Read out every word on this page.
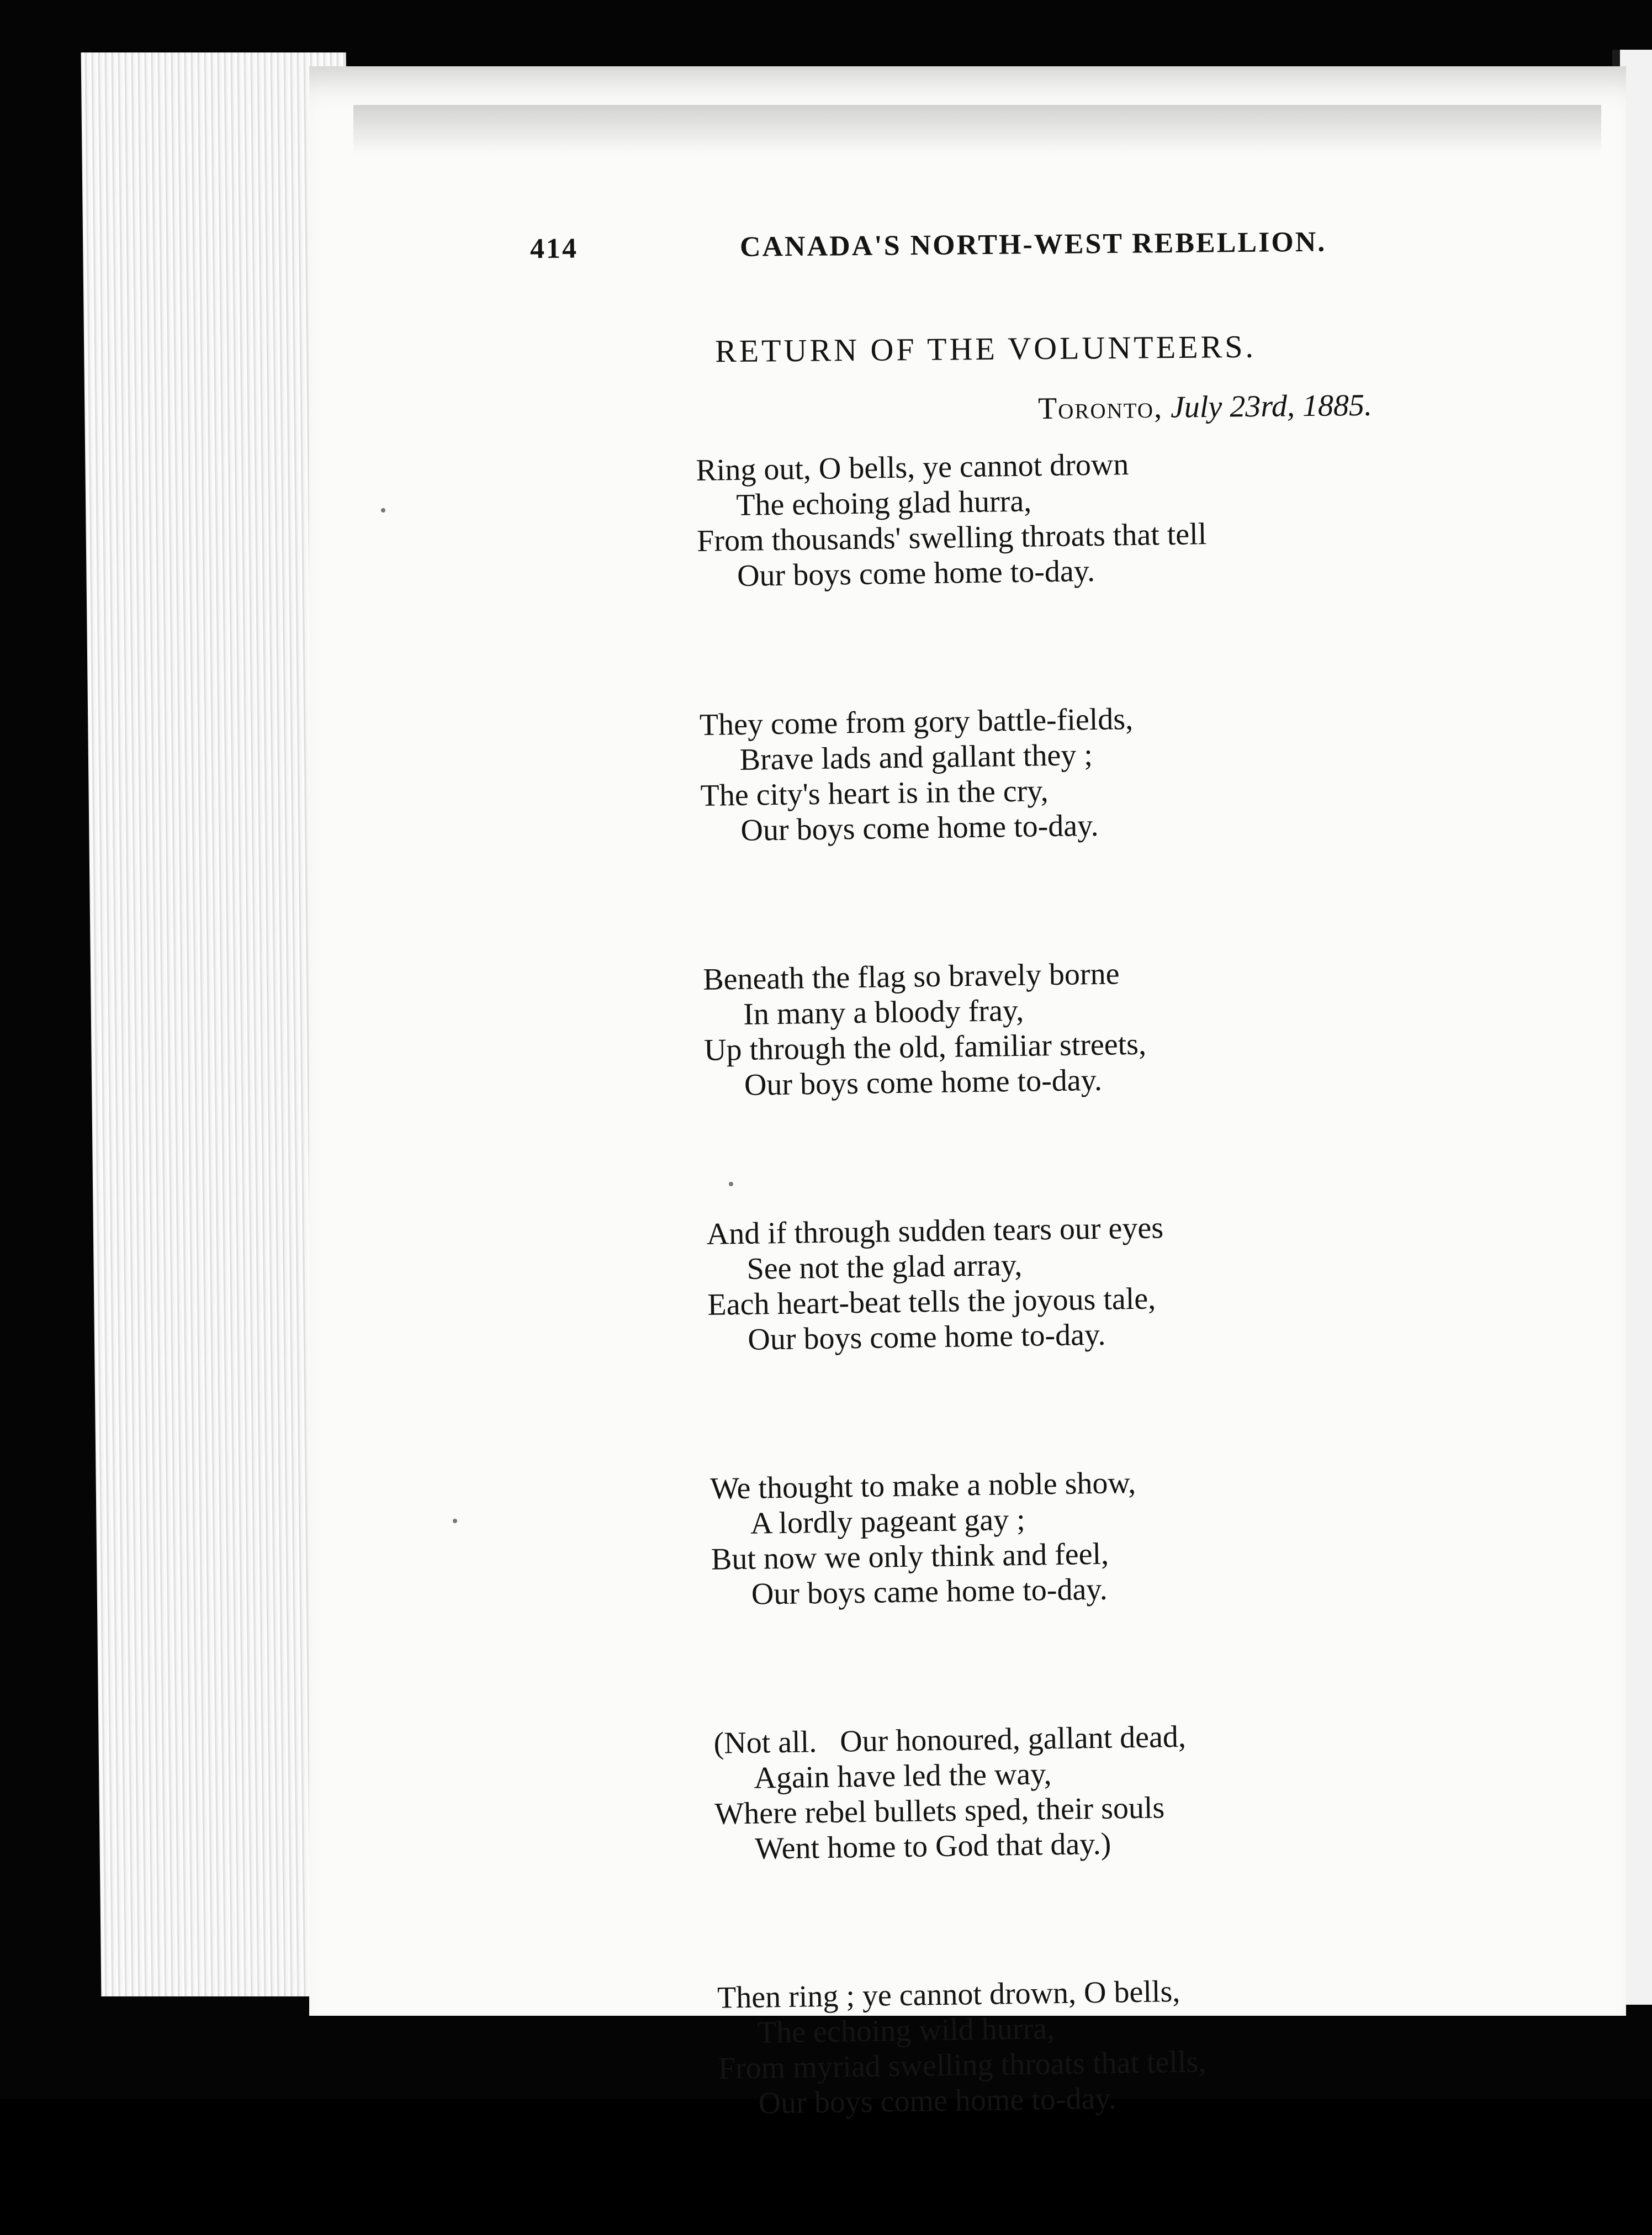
414	CANADA'S NORTH-WEST REBELLION.
RETURN OF THE VOLUNTEERS.
Toronto, July 23rd, 1885.
Ring out, O bells, ye cannot drown
The echoing glad hurra,
From thousands' swelling throats that tell
Our boys come home to-day.
They come from gory battle-fields,
Brave lads and gallant they ;
The city's heart is in the cry,
Our boys come home to-day.
Beneath the flag so bravely borne
In many a bloody fray,
Up through the old, familiar streets,
Our boys come home to-day.
And if through sudden tears our eyes
See not the glad array,
Each heart-beat tells the joyous tale,
Our boys come home to-day.
We thought to make a noble show,
A lordly pageant gay ;
But now we only think and feel,
Our boys came home to-day.
(Not all.   Our honoured, gallant dead,
Again have led the way,
Where rebel bullets sped, their souls
Went home to God that day.)
Then ring ; ye cannot drown, O bells,
The echoing wild hurra,
From myriad swelling throats that tells,
Our boys come home to-day.
